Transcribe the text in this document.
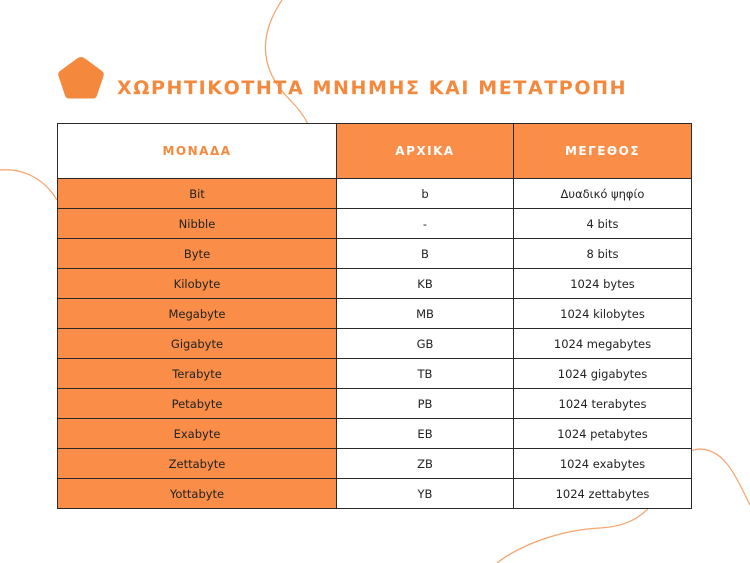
ΧΩΡΗΤΙΚΟΤΗΤΑ ΜΝΗΜΗΣ ΚΑΙ ΜΕΤΑΤΡΟΠΗ
ΜΟΝΑΔΑ	ΑΡΧΙΚΑ	ΜΕΓΕΘΟΣ
Bit	b	Δυαδικό ψηφίο
Nibble	-	4 bits
Byte	B	8 bits
Kilobyte	KB	1024 bytes
Megabyte	MB	1024 kilobytes
Gigabyte	GB	1024 megabytes
Terabyte	TB	1024 gigabytes
Petabyte	PB	1024 terabytes
Exabyte	EB	1024 petabytes
Zettabyte	ZB	1024 exabytes
Yottabyte	YB	1024 zettabytes
